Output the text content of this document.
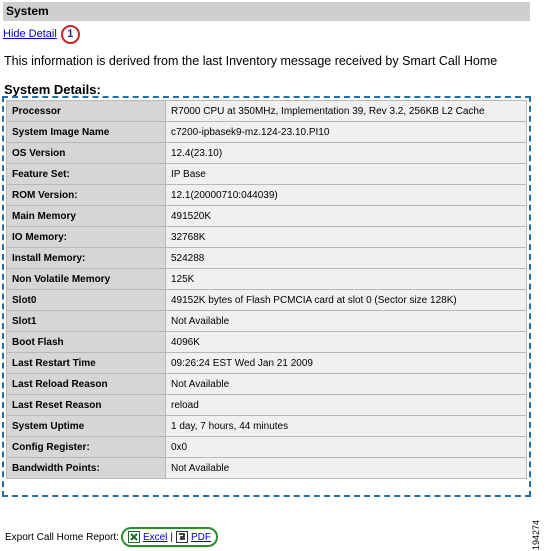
System
Hide Detail 1
This information is derived from the last Inventory message received by Smart Call Home
System Details:
Processor	R7000 CPU at 350MHz, Implementation 39, Rev 3.2, 256KB L2 Cache
System Image Name	c7200-ipbasek9-mz.124-23.10.PI10
OS Version	12.4(23.10)
Feature Set:	IP Base
ROM Version:	12.1(20000710:044039)
Main Memory	491520K
IO Memory:	32768K
Install Memory:	524288
Non Volatile Memory	125K
Slot0	49152K bytes of Flash PCMCIA card at slot 0 (Sector size 128K)
Slot1	Not Available
Boot Flash	4096K
Last Restart Time	09:26:24 EST Wed Jan 21 2009
Last Reload Reason	Not Available
Last Reset Reason	reload
System Uptime	1 day, 7 hours, 44 minutes
Config Register:	0x0
Bandwidth Points:	Not Available
Export Call Home Report: Excel | PDF	194274
